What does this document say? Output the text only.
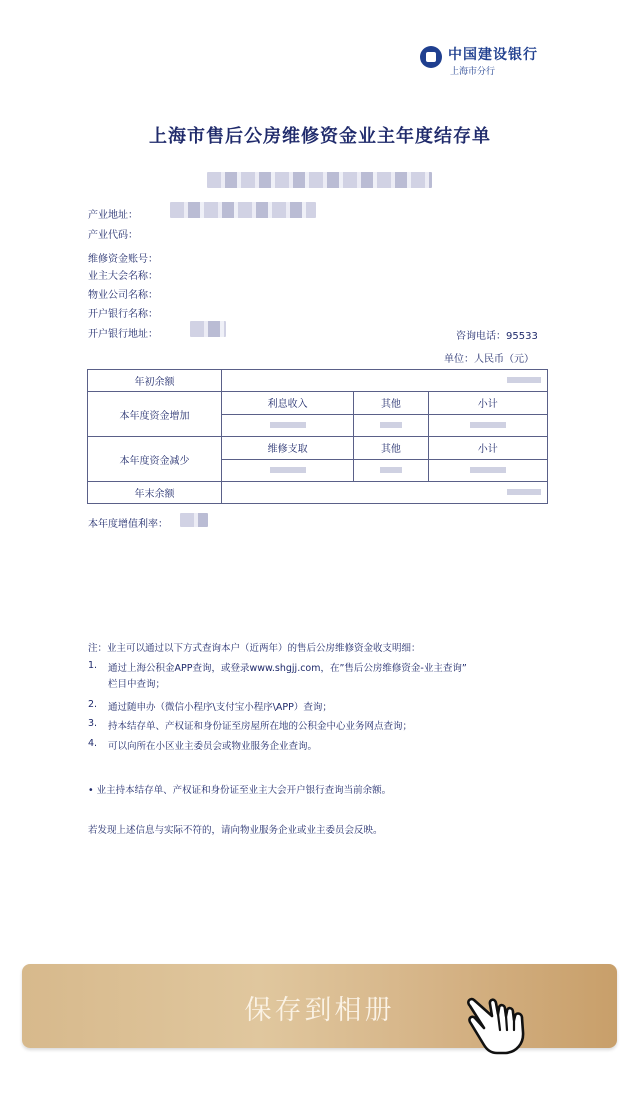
中国建设银行
上海市分行
上海市售后公房维修资金业主年度结存单
产业地址：
产业代码：
维修资金账号：
业主大会名称：
物业公司名称：
开户银行名称：
开户银行地址：	咨询电话：95533
单位：人民币（元）
年初余额			
本年度资金增加	利息收入	其他	小计

本年度资金减少	维修支取	其他	小计

年末余额			
本年度增值利率：
注：业主可以通过以下方式查询本户（近两年）的售后公房维修资金收支明细：
1. 通过上海公积金APP查询，或登录www.shgjj.com，在”售后公房维修资金-业主查询”
栏目中查询；
2. 通过随申办（微信小程序\支付宝小程序\APP）查询；
3. 持本结存单、产权证和身份证至房屋所在地的公积金中心业务网点查询；
4. 可以向所在小区业主委员会或物业服务企业查询。
• 业主持本结存单、产权证和身份证至业主大会开户银行查询当前余额。
若发现上述信息与实际不符的，请向物业服务企业或业主委员会反映。
保存到相册
